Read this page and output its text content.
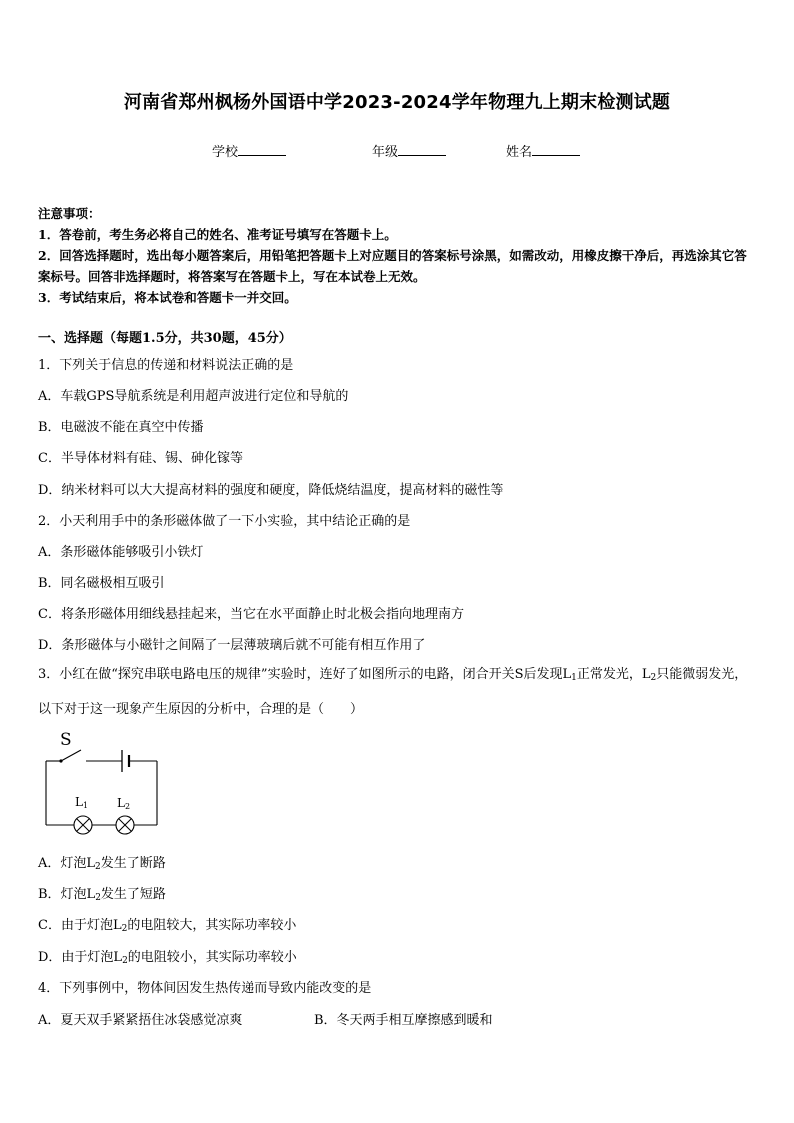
河南省郑州枫杨外国语中学2023-2024学年物理九上期末检测试题
学校	年级	姓名
注意事项：
1．答卷前，考生务必将自己的姓名、准考证号填写在答题卡上。
2．回答选择题时，选出每小题答案后，用铅笔把答题卡上对应题目的答案标号涂黑，如需改动，用橡皮擦干净后，再选涂其它答案标号。回答非选择题时，将答案写在答题卡上，写在本试卷上无效。
3．考试结束后，将本试卷和答题卡一并交回。
一、选择题（每题1.5分，共30题，45分）
1．下列关于信息的传递和材料说法正确的是
A．车载GPS导航系统是利用超声波进行定位和导航的
B．电磁波不能在真空中传播
C．半导体材料有硅、锡、砷化镓等
D．纳米材料可以大大提高材料的强度和硬度，降低烧结温度，提高材料的磁性等
2．小天利用手中的条形磁体做了一下小实验，其中结论正确的是
A．条形磁体能够吸引小铁灯
B．同名磁极相互吸引
C．将条形磁体用细线悬挂起来，当它在水平面静止时北极会指向地理南方
D．条形磁体与小磁针之间隔了一层薄玻璃后就不可能有相互作用了
3．小红在做“探究串联电路电压的规律”实验时，连好了如图所示的电路，闭合开关S后发现$L_1$正常发光，$L_2$只能微弱发光，以下对于这一现象产生原因的分析中，合理的是（　　）
S
L1 L2
A．灯泡$L_2$发生了断路
B．灯泡$L_2$发生了短路
C．由于灯泡$L_2$的电阻较大，其实际功率较小
D．由于灯泡$L_2$的电阻较小，其实际功率较小
4．下列事例中，物体间因发生热传递而导致内能改变的是
A．夏天双手紧紧捂住冰袋感觉凉爽	B．冬天两手相互摩擦感到暖和
